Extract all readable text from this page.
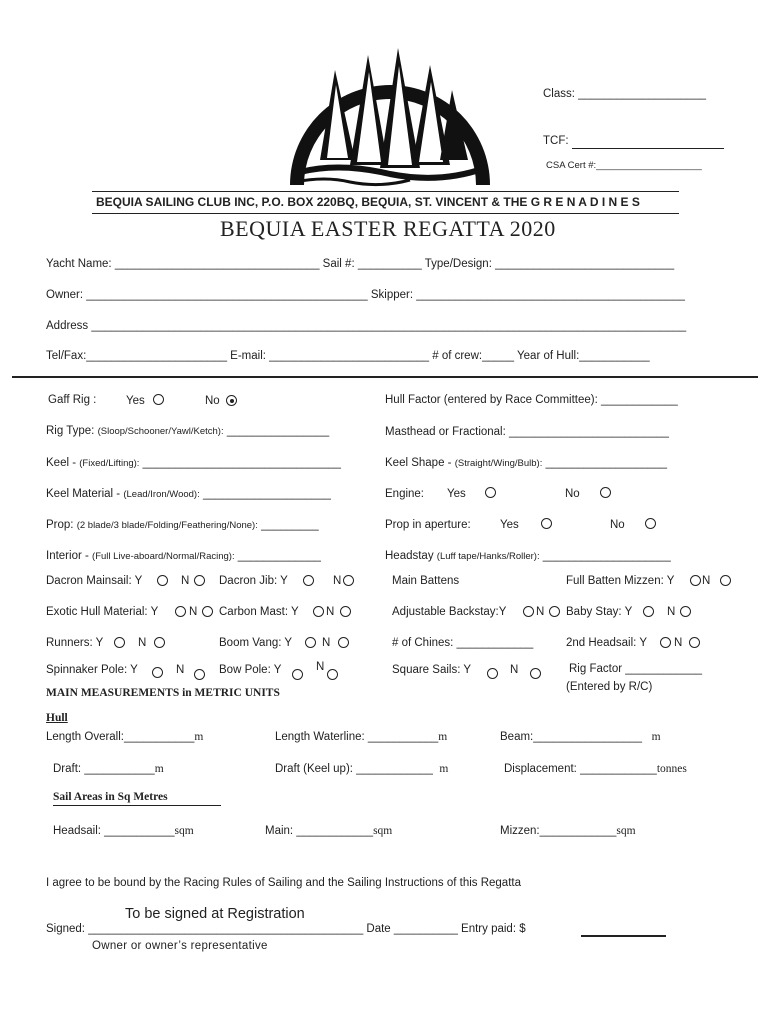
Class: ____________________
TCF:
CSA Cert #:____________________
BEQUIA SAILING CLUB INC, P.O. BOX 220BQ, BEQUIA, ST. VINCENT & THE G R E N A D I N E S
BEQUIA EASTER REGATTA 2020
Yacht Name: ________________________________ Sail #: __________ Type/Design: ____________________________
Owner: ____________________________________________ Skipper: __________________________________________
Address _____________________________________________________________________________________________
Tel/Fax:______________________ E-mail: _________________________ # of crew:_____ Year of Hull:___________
Gaff Rig :	Yes	No	Hull Factor (entered by Race Committee): ____________
Rig Type: (Sloop/Schooner/Yawl/Ketch): ________________	Masthead or Fractional: _________________________
Keel - (Fixed/Lifting): _______________________________	Keel Shape - (Straight/Wing/Bulb): ___________________
Keel Material - (Lead/Iron/Wood): ____________________	Engine: Yes	No
Prop: (2 blade/3 blade/Folding/Feathering/None): _________	Prop in aperture:	Yes	No
Interior - (Full Live-aboard/Normal/Racing): _____________	Headstay (Luff tape/Hanks/Roller): ____________________
Dacron Mainsail: Y	N	Dacron Jib: Y	N	Main Battens	Full Batten Mizzen: Y N
Exotic Hull Material: Y	N Carbon Mast: Y N	Adjustable Backstay:Y	N Baby Stay: Y	N
Runners: Y	N	Boom Vang: Y	N	# of Chines: ____________	2nd Headsail: Y N
Spinnaker Pole: Y	N	Bow Pole: Y	N	Square Sails: Y	N	Rig Factor ____________
(Entered by R/C)
MAIN MEASUREMENTS in METRIC UNITS
Hull
Length Overall:___________m	Length Waterline: ___________m	Beam:_________________ m
Draft: ___________m	Draft (Keel up): ____________ m	Displacement: ____________tonnes
Sail Areas in Sq Metres
Headsail: ___________sqm	Main: ____________sqm	Mizzen:____________sqm
I agree to be bound by the Racing Rules of Sailing and the Sailing Instructions of this Regatta
To be signed at Registration
Signed: ___________________________________________ Date __________ Entry paid: $
Owner or owner’s representative
